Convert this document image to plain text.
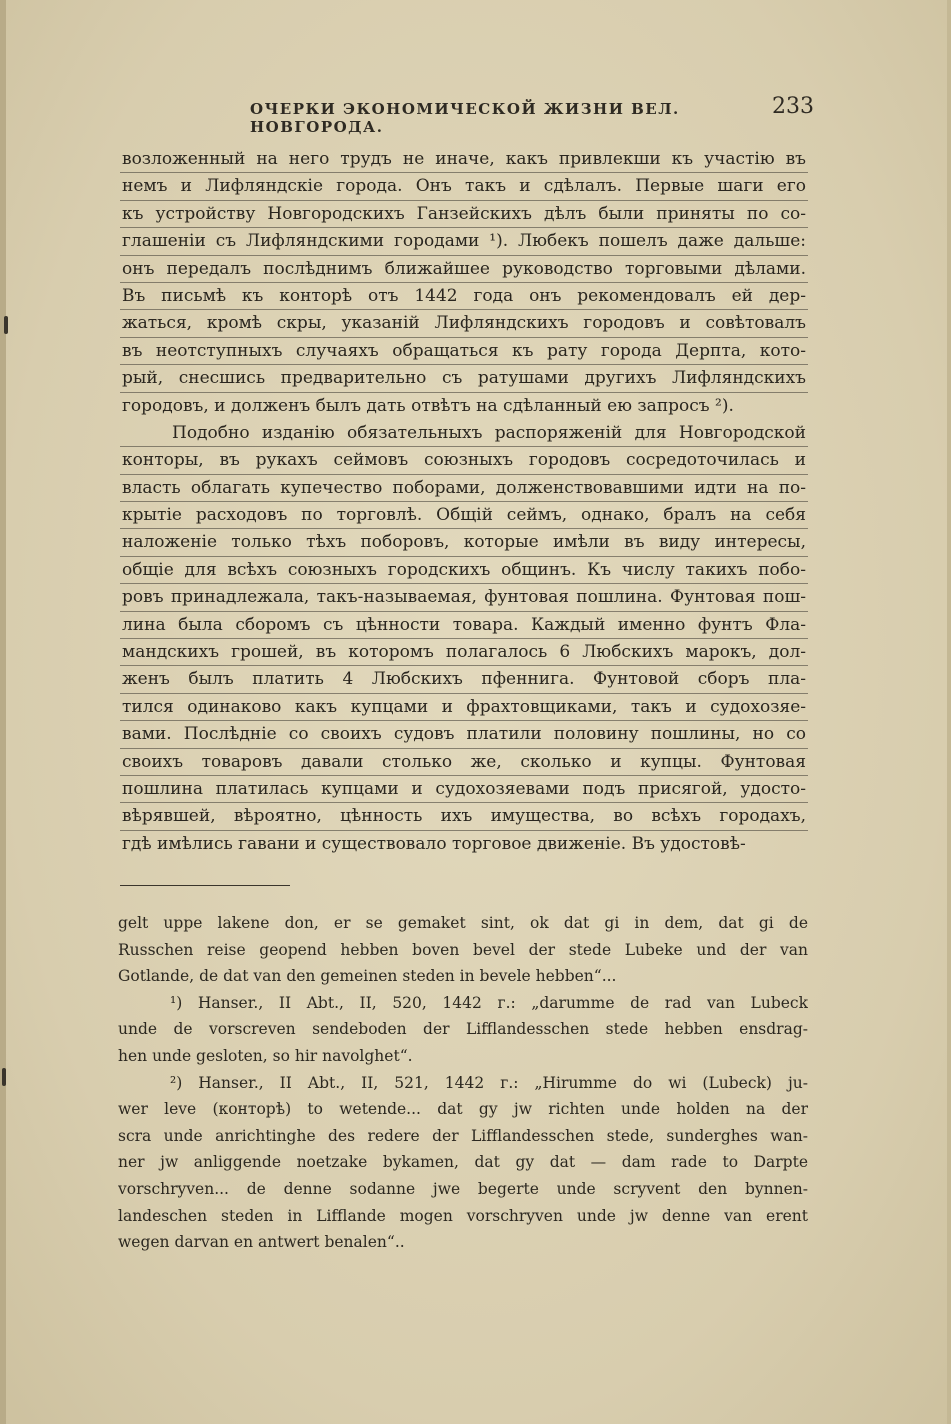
ОЧЕРКИ ЭКОНОМИЧЕСКОЙ ЖИЗНИ ВЕЛ. НОВГОРОДА.
233
возложенный на него трудъ не иначе, какъ привлекши къ участiю въ
немъ и Лифляндскiе города. Онъ такъ и сдѣлалъ. Первые шаги его
къ устройству Новгородскихъ Ганзейскихъ дѣлъ были приняты по со-
глашенiи съ Лифляндскими городами ¹). Любекъ пошелъ даже дальше:
онъ передалъ послѣднимъ ближайшее руководство торговыми дѣлами.
Въ письмѣ къ конторѣ отъ 1442 года онъ рекомендовалъ ей дер-
жаться, кромѣ скры, указанiй Лифляндскихъ городовъ и совѣтовалъ
въ неотступныхъ случаяхъ обращаться къ рату города Дерпта, кото-
рый, снесшись предварительно съ ратушами другихъ Лифляндскихъ
городовъ, и долженъ былъ дать отвѣтъ на сдѣланный ею запросъ ²).
Подобно изданiю обязательныхъ распоряженiй для Новгородской
конторы, въ рукахъ сеймовъ союзныхъ городовъ сосредоточилась и
власть облагать купечество поборами, долженствовавшими идти на по-
крытiе расходовъ по торговлѣ. Общiй сеймъ, однако, бралъ на себя
наложенiе только тѣхъ поборовъ, которые имѣли въ виду интересы,
общiе для всѣхъ союзныхъ городскихъ общинъ. Къ числу такихъ побо-
ровъ принадлежала, такъ-называемая, фунтовая пошлина. Фунтовая пош-
лина была сборомъ съ цѣнности товара. Каждый именно фунтъ Фла-
мандскихъ грошей, въ которомъ полагалось 6 Любскихъ марокъ, дол-
женъ былъ платить 4 Любскихъ пфеннига. Фунтовой сборъ пла-
тился одинаково какъ купцами и фрахтовщиками, такъ и судохозяе-
вами. Послѣднiе со своихъ судовъ платили половину пошлины, но со
своихъ товаровъ давали столько же, сколько и купцы. Фунтовая
пошлина платилась купцами и судохозяевами подъ присягой, удосто-
вѣрявшей, вѣроятно, цѣнность ихъ имущества, во всѣхъ городахъ,
гдѣ имѣлись гавани и существовало торговое движенiе. Въ удостовѣ-
gelt uppe lakene don, er se gemaket sint, ok dat gi in dem, dat gi de
Russchen reise geopend hebben boven bevel der stede Lubeke und der van
Gotlande, de dat van den gemeinen steden in bevele hebben“...
¹) Hanser., II Abt., II, 520, 1442 г.: „darumme de rad van Lubeck
unde de vorscreven sendeboden der Lifflandesschen stede hebben ensdrag-
hen unde gesloten, so hir navolghet“.
²) Hanser., II Abt., II, 521, 1442 г.: „Hirumme do wi (Lubeck) ju-
wer leve (конторѣ) to wetende... dat gy jw richten unde holden na der
scra unde anrichtinghe des redere der Lifflandesschen stede, sunderghes wan-
ner jw anliggende noetzake bykamen, dat gy dat — dam rade to Darpte
vorschryven... de denne sodanne jwe begerte unde scryvent den bynnen-
landeschen steden in Lifflande mogen vorschryven unde jw denne van erent
wegen darvan en antwert benalen“..
